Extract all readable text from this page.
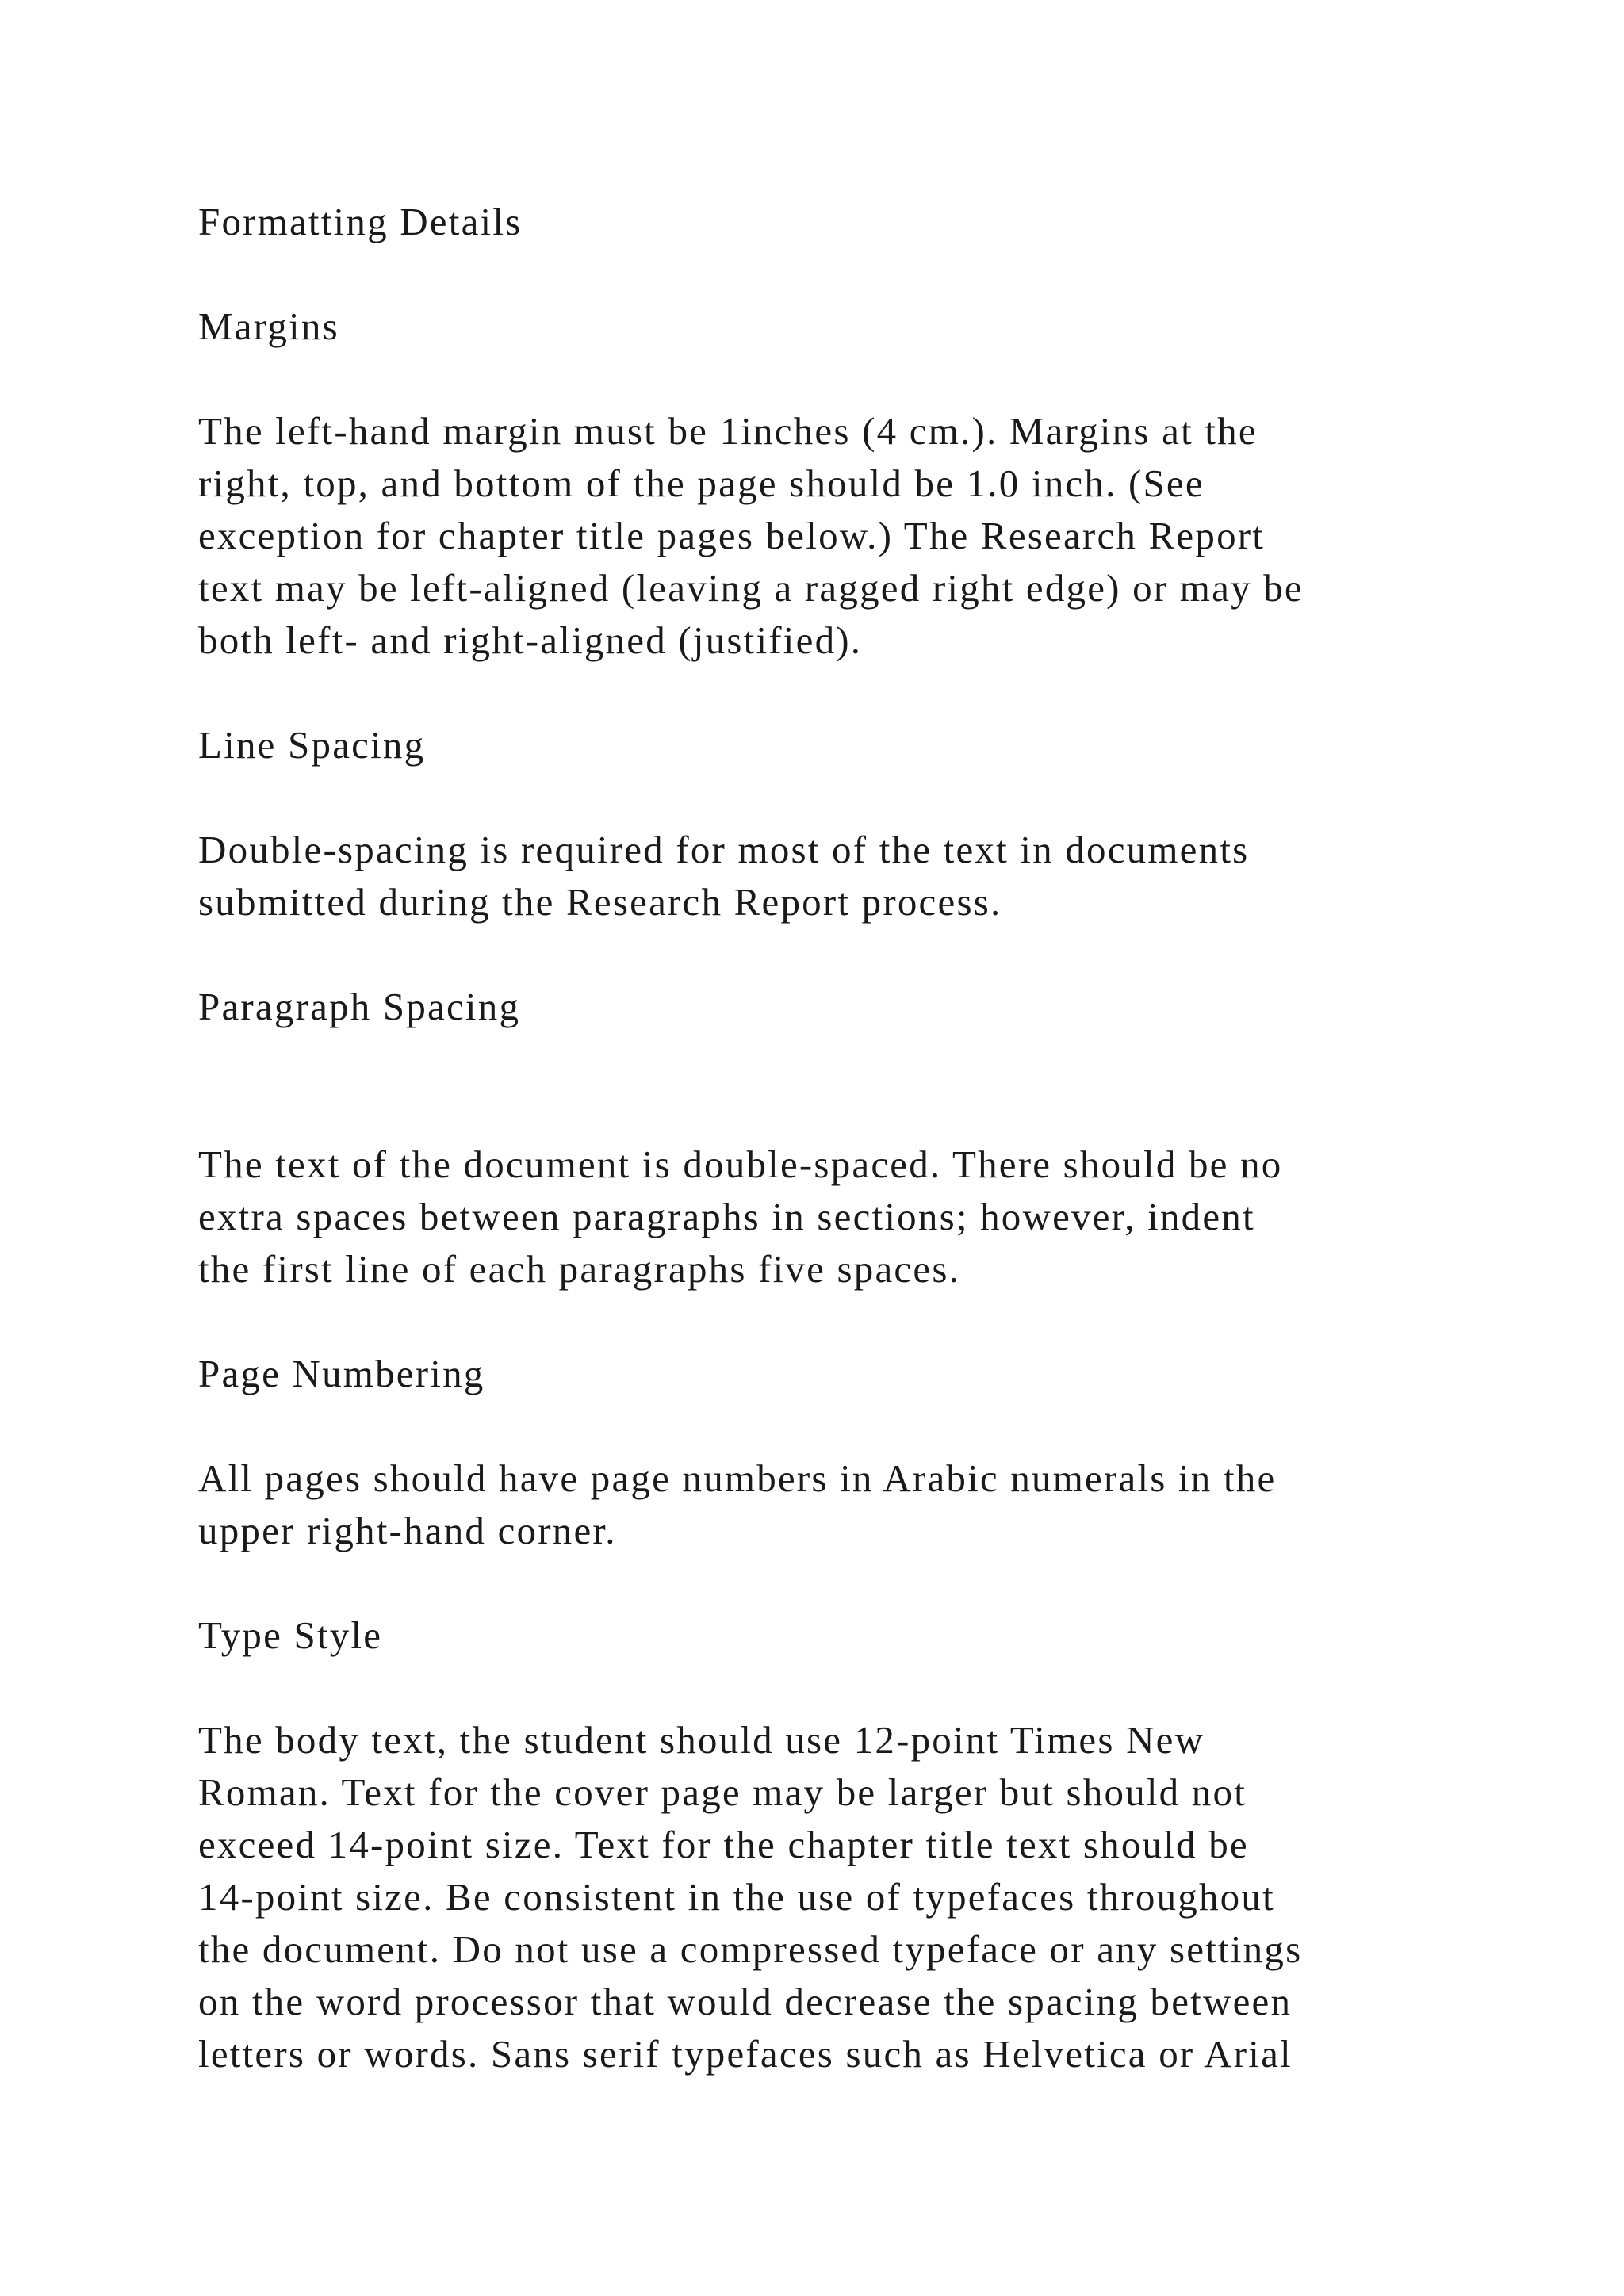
Formatting Details

Margins

The left-hand margin must be 1inches (4 cm.). Margins at the

right, top, and bottom of the page should be 1.0 inch. (See

exception for chapter title pages below.) The Research Report

text may be left-aligned (leaving a ragged right edge) or may be

both left- and right-aligned (justified).

Line Spacing

Double-spacing is required for most of the text in documents

submitted during the Research Report process.

Paragraph Spacing

The text of the document is double-spaced. There should be no

extra spaces between paragraphs in sections; however, indent

the first line of each paragraphs five spaces.

Page Numbering

All pages should have page numbers in Arabic numerals in the

upper right-hand corner.

Type Style

The body text, the student should use 12-point Times New

Roman. Text for the cover page may be larger but should not

exceed 14-point size. Text for the chapter title text should be

14-point size. Be consistent in the use of typefaces throughout

the document. Do not use a compressed typeface or any settings

on the word processor that would decrease the spacing between

letters or words. Sans serif typefaces such as Helvetica or Arial
